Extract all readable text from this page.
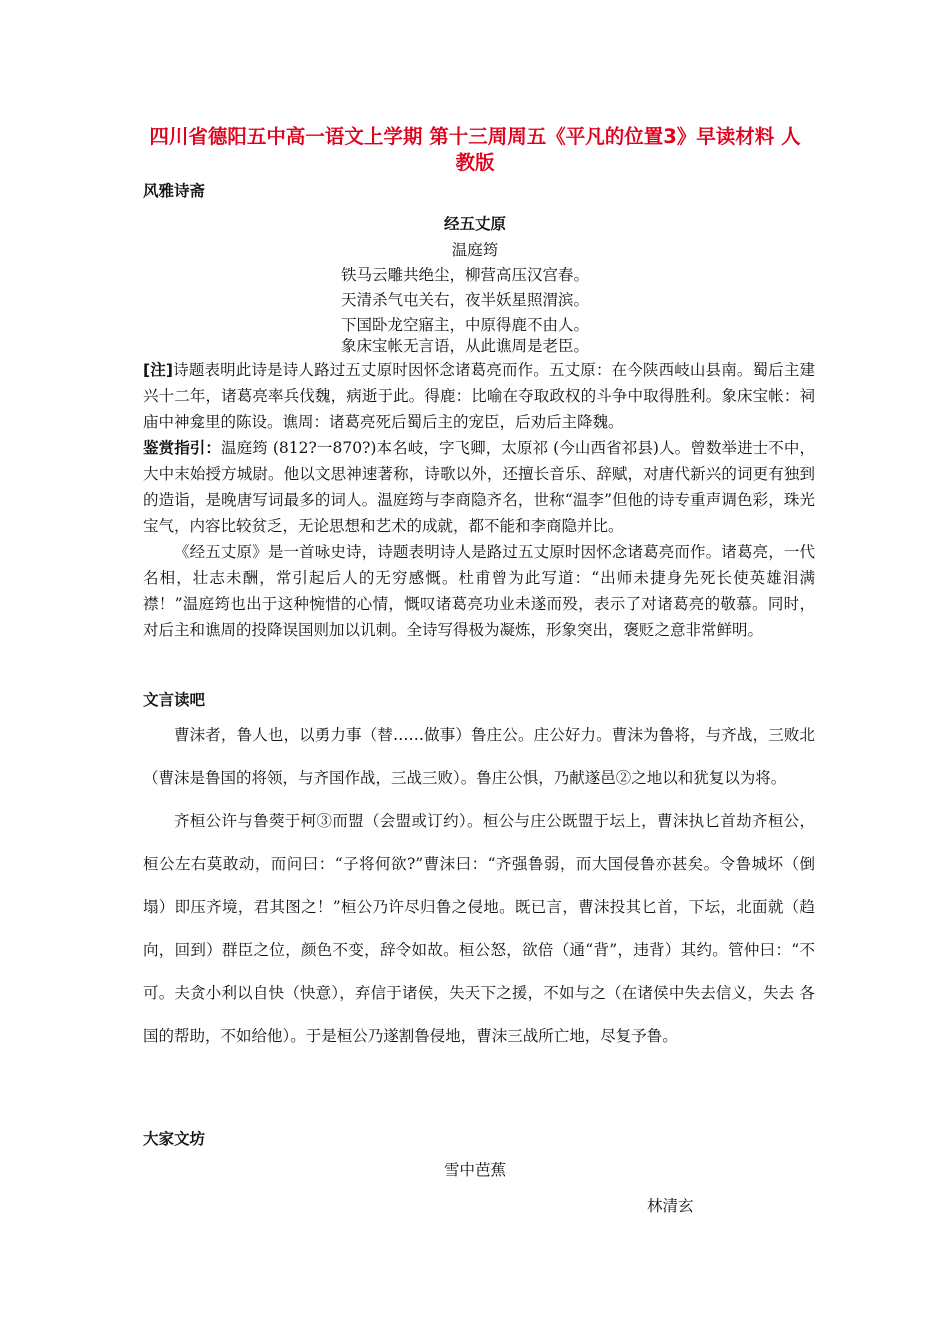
四川省德阳五中高一语文上学期 第十三周周五《平凡的位置3》早读材料 人教版
风雅诗斋
经五丈原
温庭筠
铁马云雕共绝尘，柳营高压汉宫春。
天清杀气屯关右，夜半妖星照渭滨。
下国卧龙空寤主，中原得鹿不由人。
象床宝帐无言语，从此谯周是老臣。

[注]诗题表明此诗是诗人路过五丈原时因怀念诸葛亮而作。五丈原：在今陕西岐山县南。蜀后主建兴十二年，诸葛亮率兵伐魏，病逝于此。得鹿：比喻在夺取政权的斗争中取得胜利。象床宝帐：祠庙中神龛里的陈设。谯周：诸葛亮死后蜀后主的宠臣，后劝后主降魏。

鉴赏指引：温庭筠 (812?一870?)本名岐，字飞卿，太原祁 (今山西省祁县)人。曾数举进士不中，大中末始授方城尉。他以文思神速著称，诗歌以外，还擅长音乐、辞赋，对唐代新兴的词更有独到的造诣，是晚唐写词最多的词人。温庭筠与李商隐齐名，世称“温李”但他的诗专重声调色彩，珠光宝气，内容比较贫乏，无论思想和艺术的成就，都不能和李商隐并比。

《经五丈原》是一首咏史诗，诗题表明诗人是路过五丈原时因怀念诸葛亮而作。诸葛亮，一代名相，壮志未酬，常引起后人的无穷感慨。杜甫曾为此写道：“出师未捷身先死长使英雄泪满襟！”温庭筠也出于这种惋惜的心情，慨叹诸葛亮功业未遂而殁，表示了对诸葛亮的敬慕。同时，对后主和谯周的投降误国则加以讥刺。全诗写得极为凝炼，形象突出，褒贬之意非常鲜明。

文言读吧

曹沫者，鲁人也，以勇力事（替……做事）鲁庄公。庄公好力。曹沫为鲁将，与齐战，三败北（曹沫是鲁国的将领，与齐国作战，三战三败）。鲁庄公惧，乃献遂邑②之地以和犹复以为将。

齐桓公许与鲁葖于柯③而盟（会盟或订约）。桓公与庄公既盟于坛上，曹沫执匕首劫齐桓公，桓公左右莫敢动，而问曰：“子将何欲?”曹沫曰：“齐强鲁弱，而大国侵鲁亦甚矣。令鲁城坏（倒塌）即压齐境，君其图之！”桓公乃许尽归鲁之侵地。既已言，曹沫投其匕首，下坛，北面就（趋向，回到）群臣之位，颜色不变，辞令如故。桓公怒，欲倍（通“背”，违背）其约。管仲曰：“不可。夫贪小利以自快（快意），弃信于诸侯，失天下之援，不如与之（在诸侯中失去信义，失去 各国的帮助，不如给他）。于是桓公乃遂割鲁侵地，曹沫三战所亡地，尽复予鲁。

大家文坊
雪中芭蕉
林清玄
